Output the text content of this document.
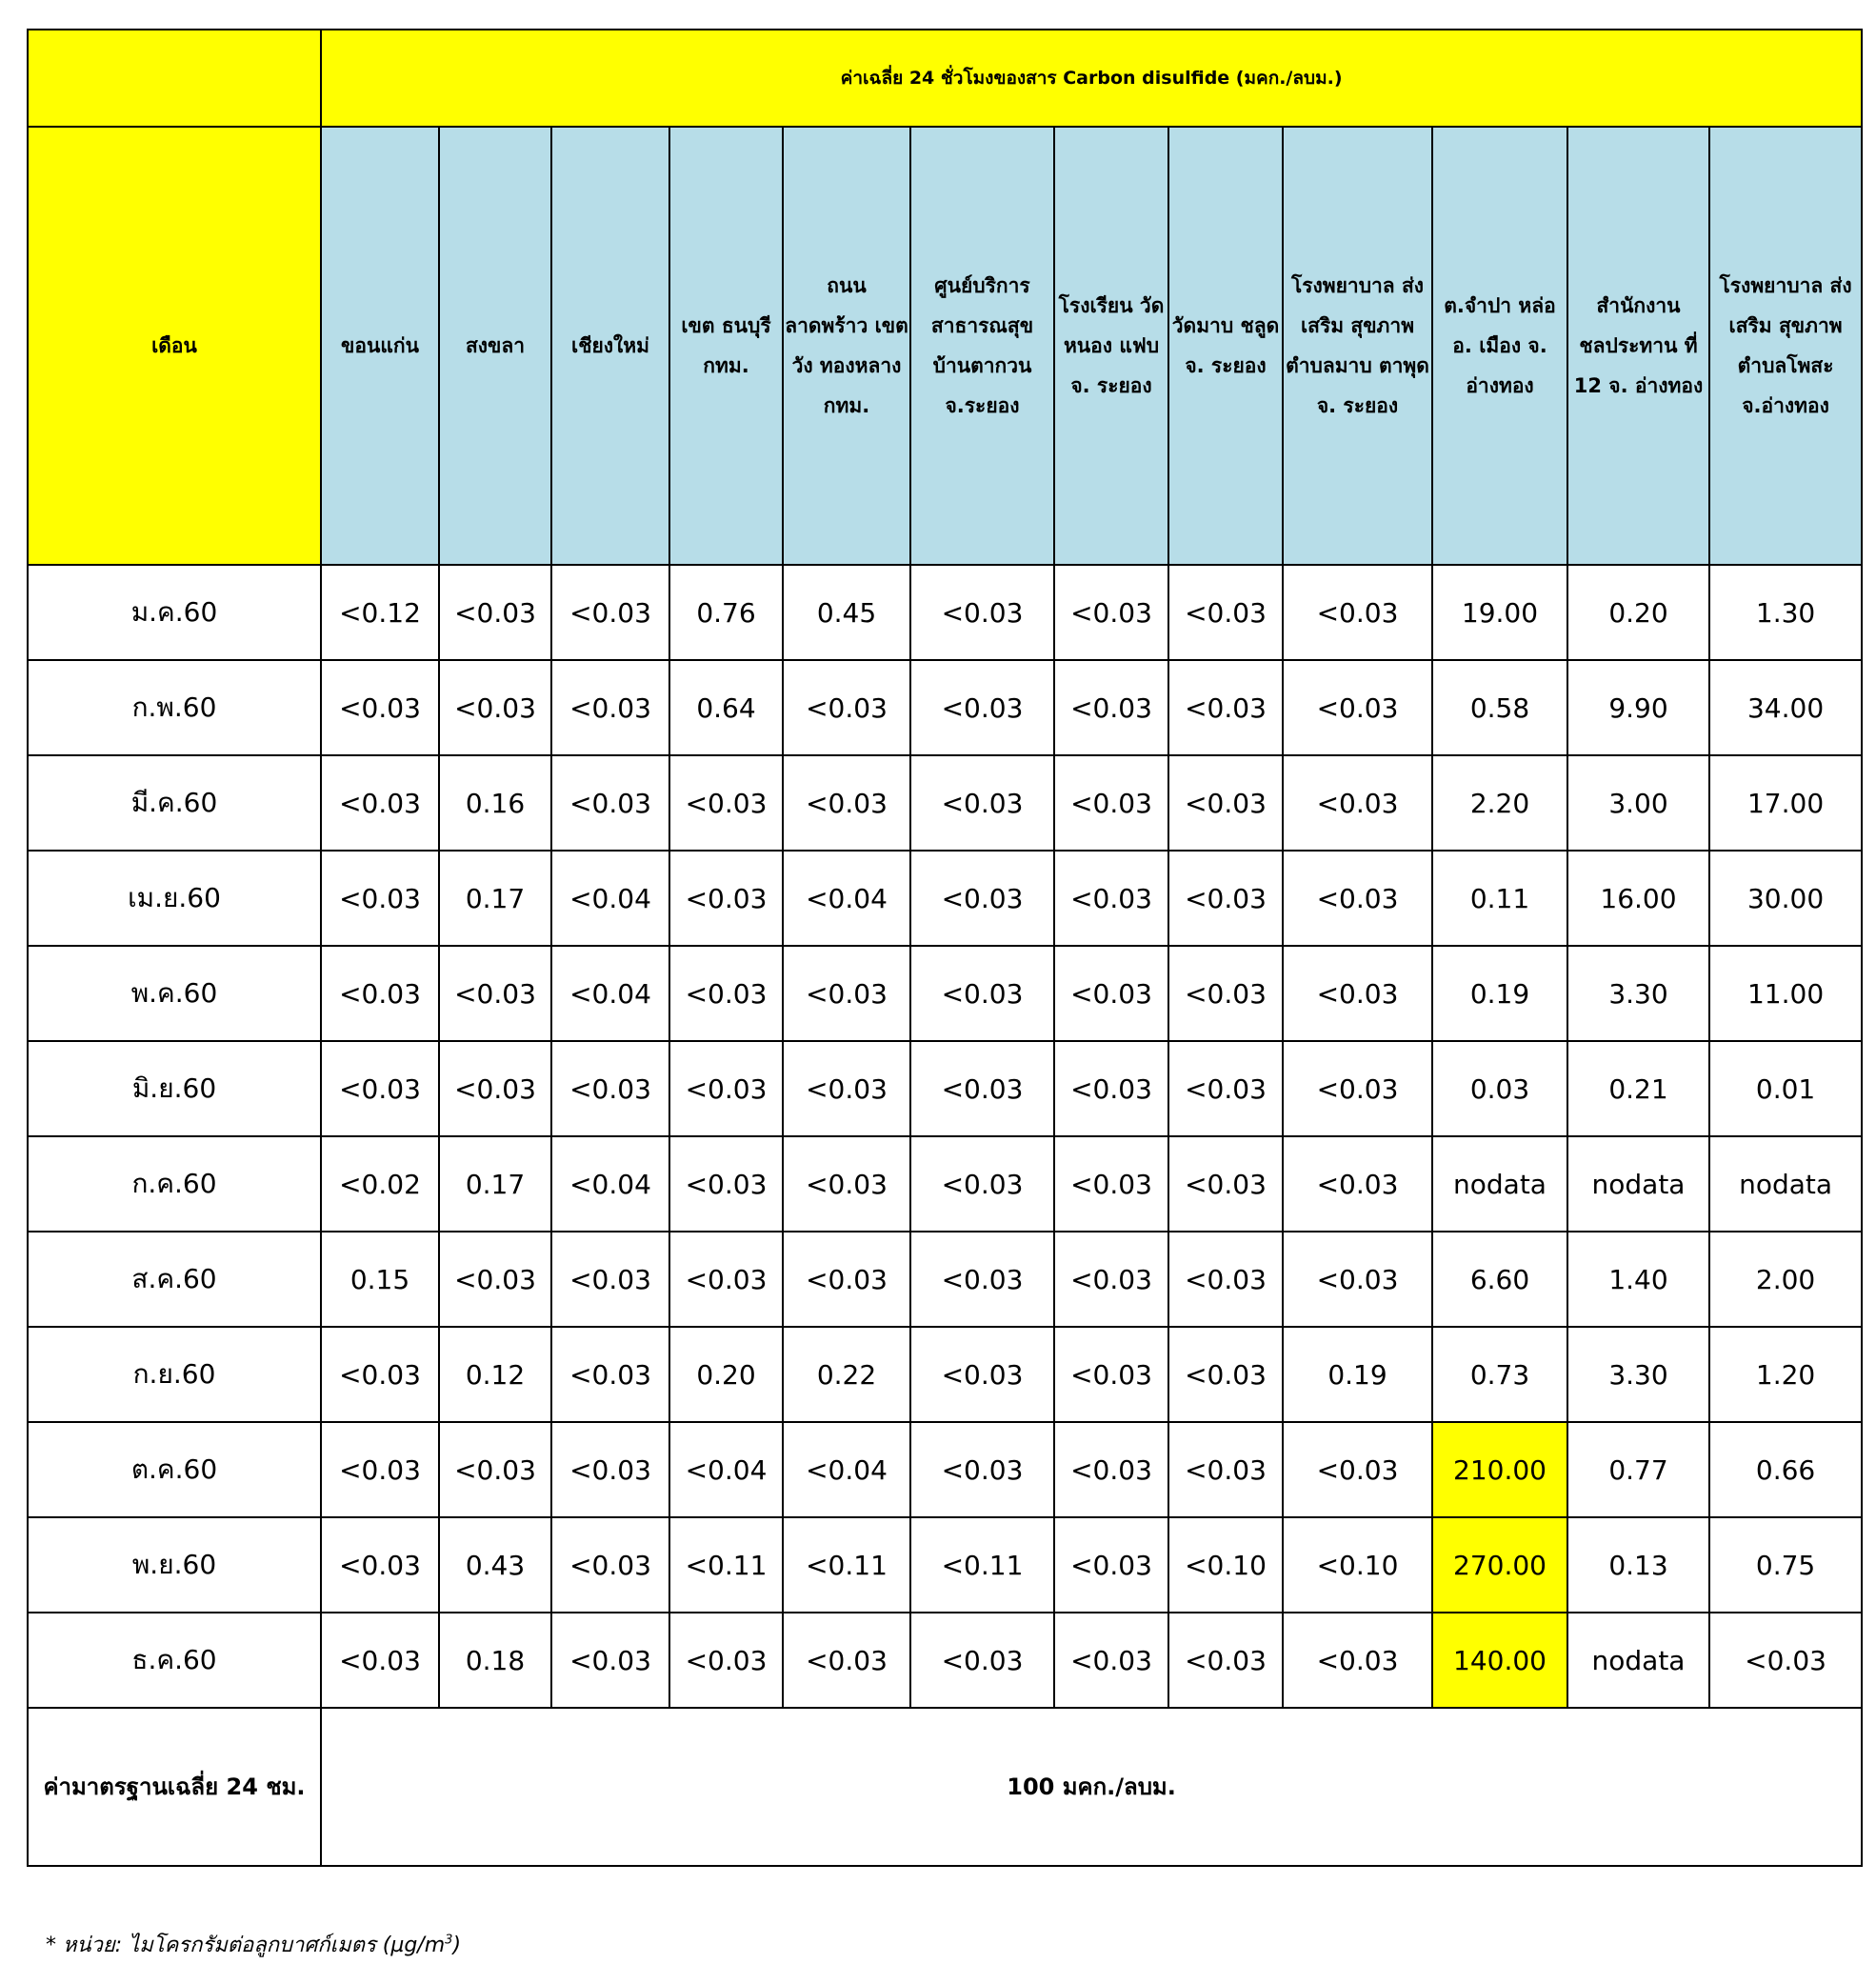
	ค่าเฉลี่ย 24 ชั่วโมงของสาร Carbon disulfide (มคก./ลบม.)											
เดือน	ขอนแก่น	สงขลา	เชียงใหม่	เขต ธนบุรี กทม.	ถนน ลาดพร้าว เขตวัง ทองหลาง กทม.	ศูนย์บริการ สาธารณสุข บ้านตากวน จ.ระยอง	โรงเรียน วัดหนอง แฟบ จ. ระยอง	วัดมาบ ชลูด จ. ระยอง	โรงพยาบาล ส่งเสริม สุขภาพ ตำบลมาบ ตาพุด จ. ระยอง	ต.จำปา หล่อ อ. เมือง จ. อ่างทอง	สำนักงาน ชลประทาน ที่ 12 จ. อ่างทอง	โรงพยาบาล ส่งเสริม สุขภาพ ตำบลโพสะ จ.อ่างทอง
ม.ค.60	<0.12	<0.03	<0.03	0.76	0.45	<0.03	<0.03	<0.03	<0.03	19.00	0.20	1.30
ก.พ.60	<0.03	<0.03	<0.03	0.64	<0.03	<0.03	<0.03	<0.03	<0.03	0.58	9.90	34.00
มี.ค.60	<0.03	0.16	<0.03	<0.03	<0.03	<0.03	<0.03	<0.03	<0.03	2.20	3.00	17.00
เม.ย.60	<0.03	0.17	<0.04	<0.03	<0.04	<0.03	<0.03	<0.03	<0.03	0.11	16.00	30.00
พ.ค.60	<0.03	<0.03	<0.04	<0.03	<0.03	<0.03	<0.03	<0.03	<0.03	0.19	3.30	11.00
มิ.ย.60	<0.03	<0.03	<0.03	<0.03	<0.03	<0.03	<0.03	<0.03	<0.03	0.03	0.21	0.01
ก.ค.60	<0.02	0.17	<0.04	<0.03	<0.03	<0.03	<0.03	<0.03	<0.03	nodata	nodata	nodata
ส.ค.60	0.15	<0.03	<0.03	<0.03	<0.03	<0.03	<0.03	<0.03	<0.03	6.60	1.40	2.00
ก.ย.60	<0.03	0.12	<0.03	0.20	0.22	<0.03	<0.03	<0.03	0.19	0.73	3.30	1.20
ต.ค.60	<0.03	<0.03	<0.03	<0.04	<0.04	<0.03	<0.03	<0.03	<0.03	210.00	0.77	0.66
พ.ย.60	<0.03	0.43	<0.03	<0.11	<0.11	<0.11	<0.03	<0.10	<0.10	270.00	0.13	0.75
ธ.ค.60	<0.03	0.18	<0.03	<0.03	<0.03	<0.03	<0.03	<0.03	<0.03	140.00	nodata	<0.03
ค่ามาตรฐานเฉลี่ย 24 ชม.	100 มคก./ลบม.											
* หน่วย: ไมโครกรัมต่อลูกบาศก์เมตร $(\mu g/m^3)$
